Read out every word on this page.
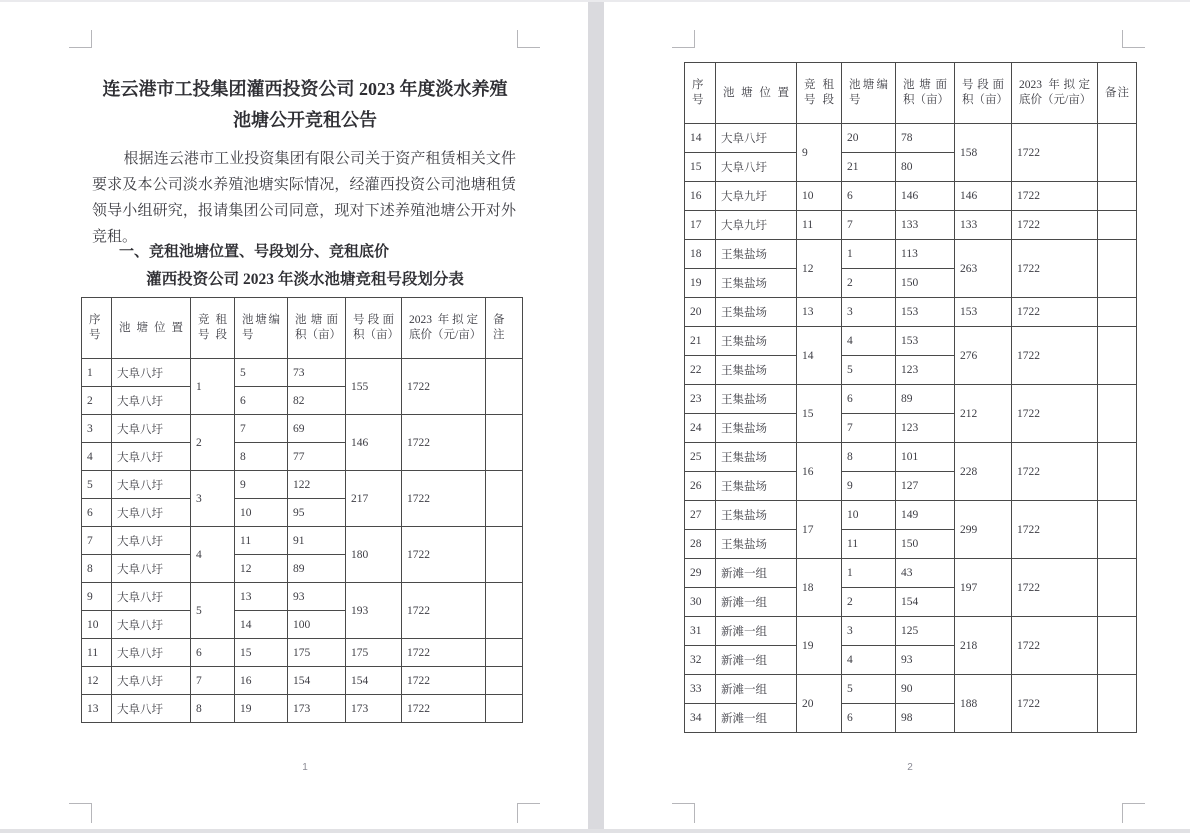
连云港市工投集团灌西投资公司 2023 年度淡水养殖
池塘公开竞租公告
根据连云港市工业投资集团有限公司关于资产租赁相关文件要求及本公司淡水养殖池塘实际情况，经灌西投资公司池塘租赁领导小组研究，报请集团公司同意，现对下述养殖池塘公开对外竞租。
一、竞租池塘位置、号段划分、竞租底价
灌西投资公司 2023 年淡水池塘竞租号段划分表
序号	池塘位置	竞租号段	池塘编号	池塘面积（亩）	号段面积（亩）	2023 年拟定底价（元/亩）	备注
1	大阜八圩	1	5	73	155	1722	
2	大阜八圩		6	82			
3	大阜八圩	2	7	69	146	1722	
4	大阜八圩		8	77			
5	大阜八圩	3	9	122	217	1722	
6	大阜八圩		10	95			
7	大阜八圩	4	11	91	180	1722	
8	大阜八圩		12	89			
9	大阜八圩	5	13	93	193	1722	
10	大阜八圩		14	100			
11	大阜八圩	6	15	175	175	1722	
12	大阜八圩	7	16	154	154	1722	
13	大阜八圩	8	19	173	173	1722	
1
序号	池塘位置	竞租号段	池塘编号	池塘面积（亩）	号段面积（亩）	2023 年拟定底价（元/亩）	备注
14	大阜八圩	9	20	78	158	1722	
15	大阜八圩		21	80			
16	大阜九圩	10	6	146	146	1722	
17	大阜九圩	11	7	133	133	1722	
18	王集盐场	12	1	113	263	1722	
19	王集盐场		2	150			
20	王集盐场	13	3	153	153	1722	
21	王集盐场	14	4	153	276	1722	
22	王集盐场		5	123			
23	王集盐场	15	6	89	212	1722	
24	王集盐场		7	123			
25	王集盐场	16	8	101	228	1722	
26	王集盐场		9	127			
27	王集盐场	17	10	149	299	1722	
28	王集盐场		11	150			
29	新滩一组	18	1	43	197	1722	
30	新滩一组		2	154			
31	新滩一组	19	3	125	218	1722	
32	新滩一组		4	93			
33	新滩一组	20	5	90	188	1722	
34	新滩一组		6	98			
2
